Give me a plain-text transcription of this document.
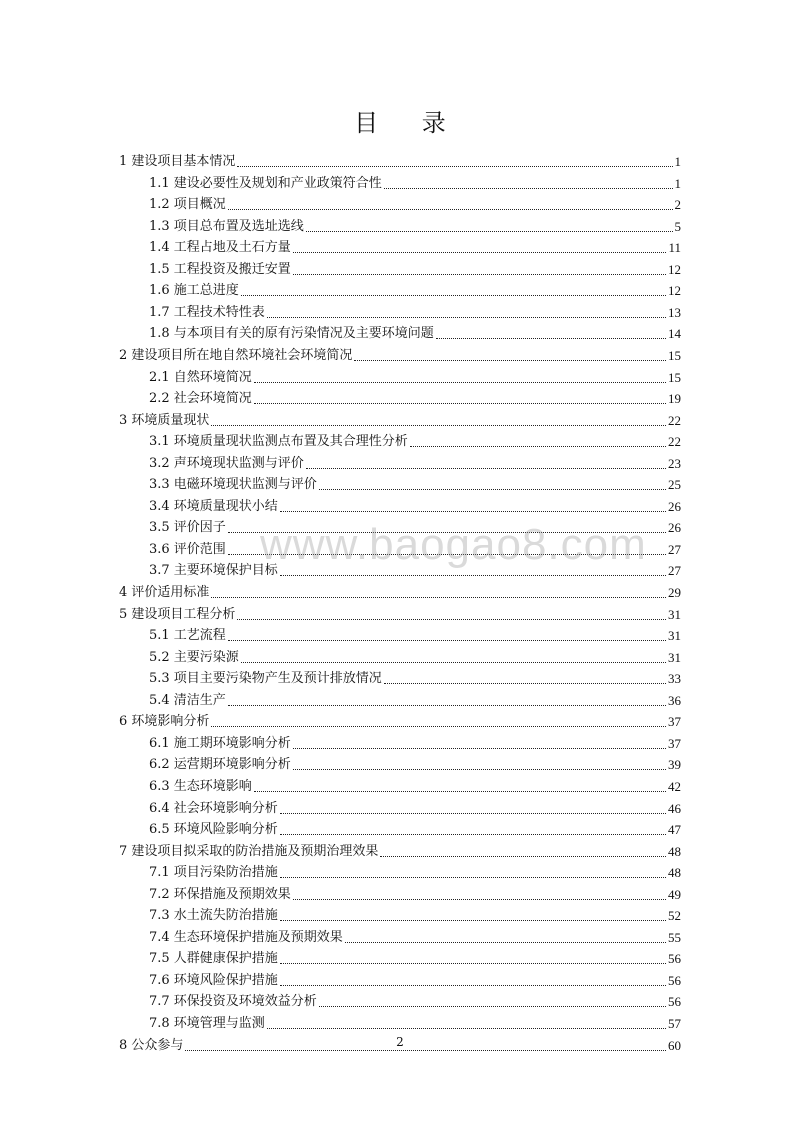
目 录
1 建设项目基本情况	1
1.1 建设必要性及规划和产业政策符合性	1
1.2 项目概况	2
1.3 项目总布置及选址选线	5
1.4 工程占地及土石方量	11
1.5 工程投资及搬迁安置	12
1.6 施工总进度	12
1.7 工程技术特性表	13
1.8 与本项目有关的原有污染情况及主要环境问题	14
2 建设项目所在地自然环境社会环境简况	15
2.1 自然环境简况	15
2.2 社会环境简况	19
3 环境质量现状	22
3.1 环境质量现状监测点布置及其合理性分析	22
3.2 声环境现状监测与评价	23
3.3 电磁环境现状监测与评价	25
3.4 环境质量现状小结	26
3.5 评价因子	26
3.6 评价范围	27
3.7 主要环境保护目标	27
4 评价适用标准	29
5 建设项目工程分析	31
5.1 工艺流程	31
5.2 主要污染源	31
5.3 项目主要污染物产生及预计排放情况	33
5.4 清洁生产	36
6 环境影响分析	37
6.1 施工期环境影响分析	37
6.2 运营期环境影响分析	39
6.3 生态环境影响	42
6.4 社会环境影响分析	46
6.5 环境风险影响分析	47
7 建设项目拟采取的防治措施及预期治理效果	48
7.1 项目污染防治措施	48
7.2 环保措施及预期效果	49
7.3 水土流失防治措施	52
7.4 生态环境保护措施及预期效果	55
7.5 人群健康保护措施	56
7.6 环境风险保护措施	56
7.7 环保投资及环境效益分析	56
7.8 环境管理与监测	57
8 公众参与	60
www.baogao8.com
2
